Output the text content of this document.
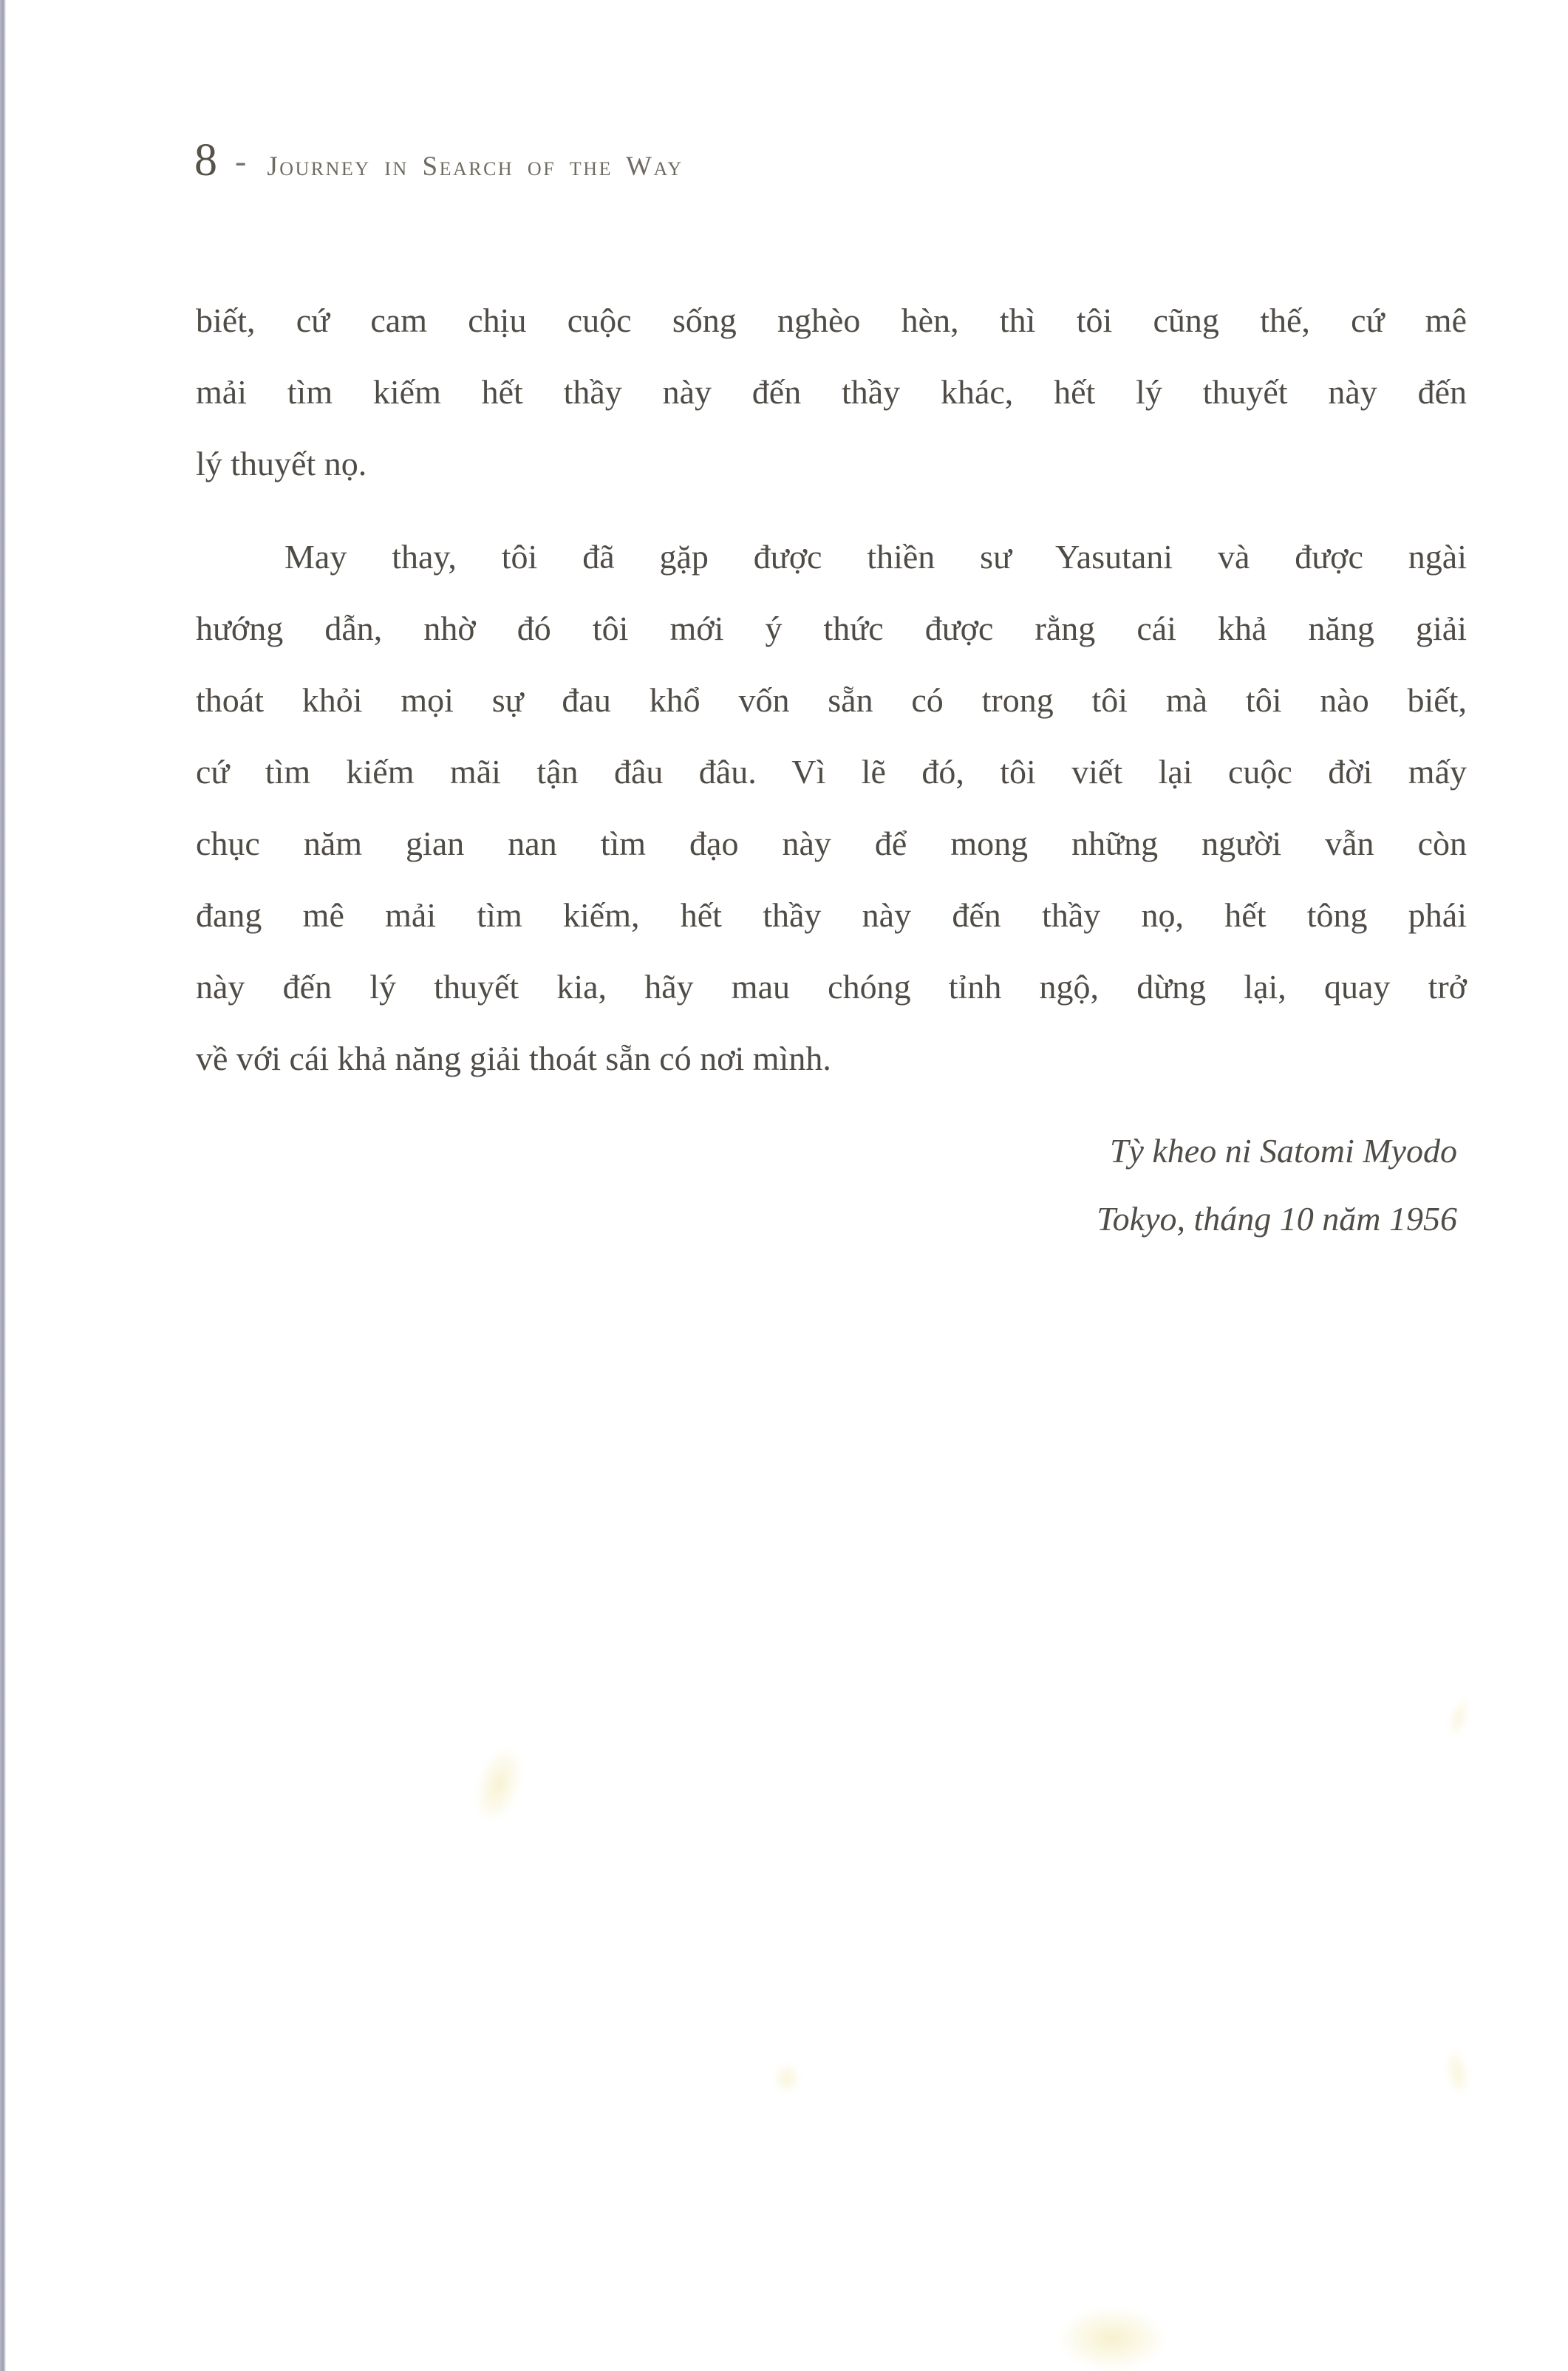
8 - Journey in Search of the Way
biết, cứ cam chịu cuộc sống nghèo hèn, thì tôi cũng thế, cứ mê
mải tìm kiếm hết thầy này đến thầy khác, hết lý thuyết này đến
lý thuyết nọ.
May thay, tôi đã gặp được thiền sư Yasutani và được ngài
hướng dẫn, nhờ đó tôi mới ý thức được rằng cái khả năng giải
thoát khỏi mọi sự đau khổ vốn sẵn có trong tôi mà tôi nào biết,
cứ tìm kiếm mãi tận đâu đâu. Vì lẽ đó, tôi viết lại cuộc đời mấy
chục năm gian nan tìm đạo này để mong những người vẫn còn
đang mê mải tìm kiếm, hết thầy này đến thầy nọ, hết tông phái
này đến lý thuyết kia, hãy mau chóng tỉnh ngộ, dừng lại, quay trở
về với cái khả năng giải thoát sẵn có nơi mình.
Tỳ kheo ni Satomi Myodo
Tokyo, tháng 10 năm 1956
